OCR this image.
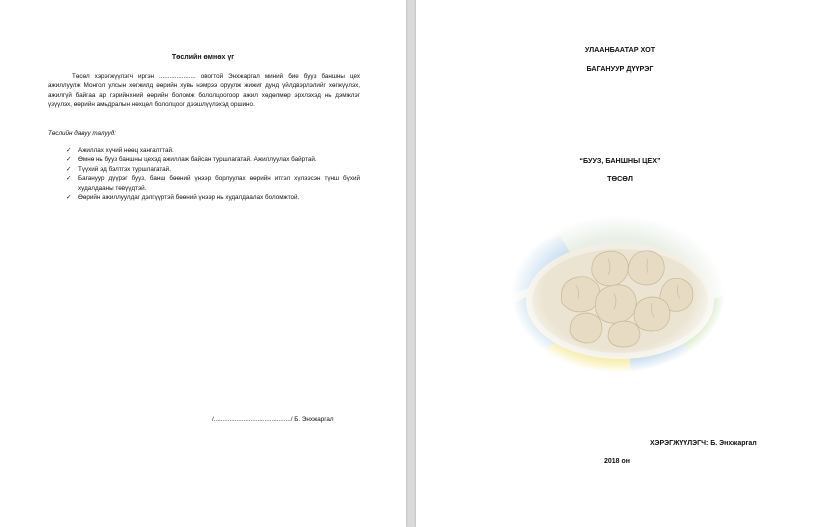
Төслийн өмнөх үг

Төсөл хэрэгжүүлэгч иргэн ..................... овогтой Энхжаргал миний бие бууз баншны цех ажиллуулж Монгол улсын хөгжилд өөрийн хувь нэмрээ оруулж жижиг дунд үйлдвэрлэлийг хөгжүүлэх, ажилгүй байгаа ар гэрийнхний өөрийн боломж бололцоогоор ажил хөдөлмөр эрхлэхэд нь дэмжлэг үзүүлэх, өөрийн амьдралын нөхцөл бололцоог дээшлүүлэхэд оршино.

Төслийн давуу талууд:
✓ Ажиллах хүчий нөөц хангалттай.
✓ Өмнө нь бууз баншны цехэд ажиллаж байсан туршлагатай. Ажиллуулах байртай.
✓ Түүхий эд бэлтгэх туршлагатай.
✓ Багануур дүүрэг бууз, банш бөөний үнээр борлуулах өөрийн итгэл хүлээсэн түнш бүхий худалдааны төвүүдтэй.
✓ Өөрийн ажиллуулдаг дэлгүүртэй бөөний үнээр нь худалдаалах боломжтой.
/............................................/ Б. Энхжаргал
УЛААНБААТАР ХОТ
БАГАНУУР ДҮҮРЭГ
“БУУЗ, БАНШНЫ ЦЕХ”
ТӨСӨЛ
ХЭРЭГЖҮҮЛЭГЧ: Б. Энхжаргал
2018 он
